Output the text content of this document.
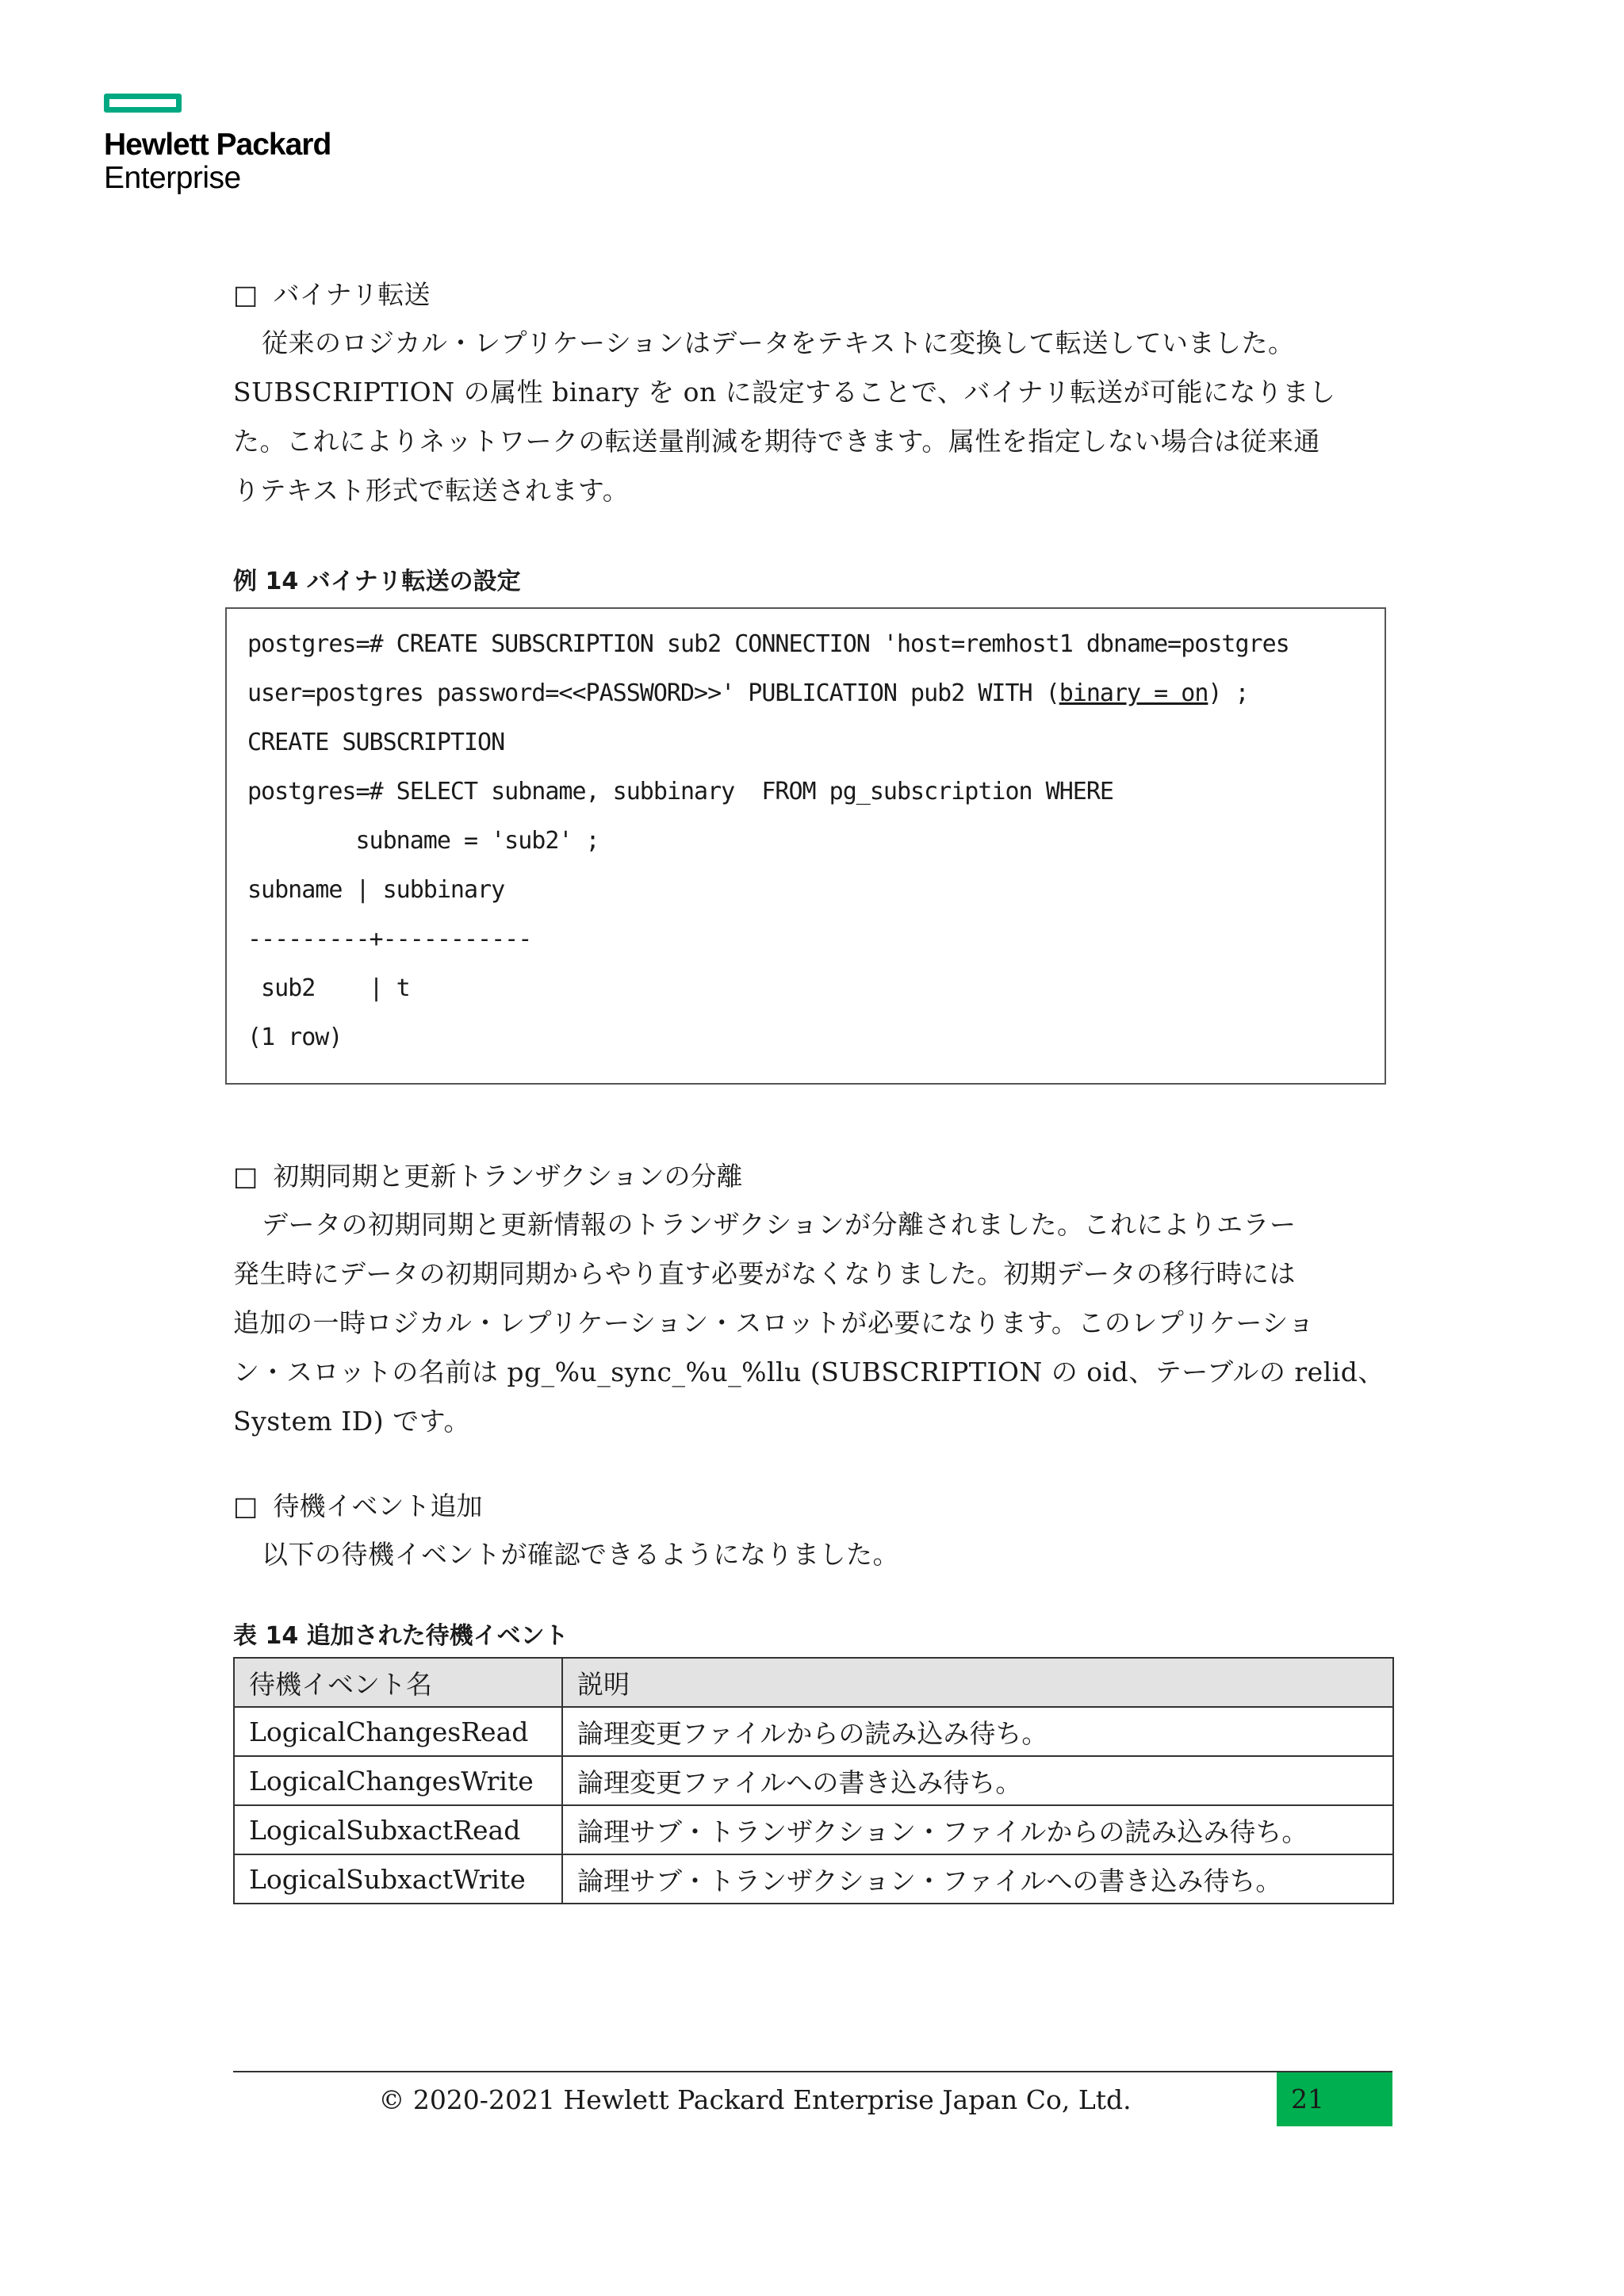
Hewlett Packard
Enterprise

□ バイナリ転送

従来のロジカル・レプリケーションはデータをテキストに変換して転送していました。

SUBSCRIPTION の属性 binary を on に設定することで、バイナリ転送が可能になりまし

た。これによりネットワークの転送量削減を期待できます。属性を指定しない場合は従来通

りテキスト形式で転送されます。

例 14 バイナリ転送の設定

postgres=# CREATE SUBSCRIPTION sub2 CONNECTION 'host=remhost1 dbname=postgres
user=postgres password=<<PASSWORD>>' PUBLICATION pub2 WITH (binary = on) ;
CREATE SUBSCRIPTION
postgres=# SELECT subname, subbinary  FROM pg_subscription WHERE
subname = 'sub2' ;
subname | subbinary
---------+-----------
sub2    | t
(1 row)

□ 初期同期と更新トランザクションの分離

データの初期同期と更新情報のトランザクションが分離されました。これによりエラー

発生時にデータの初期同期からやり直す必要がなくなりました。初期データの移行時には

追加の一時ロジカル・レプリケーション・スロットが必要になります。このレプリケーショ

ン・スロットの名前は pg_%u_sync_%u_%llu (SUBSCRIPTION の oid、テーブルの relid、

System ID) です。

□ 待機イベント追加

以下の待機イベントが確認できるようになりました。

表 14 追加された待機イベント

待機イベント名	説明
LogicalChangesRead	論理変更ファイルからの読み込み待ち。
LogicalChangesWrite	論理変更ファイルへの書き込み待ち。
LogicalSubxactRead	論理サブ・トランザクション・ファイルからの読み込み待ち。
LogicalSubxactWrite	論理サブ・トランザクション・ファイルへの書き込み待ち。
© 2020-2021 Hewlett Packard Enterprise Japan Co, Ltd.	21
